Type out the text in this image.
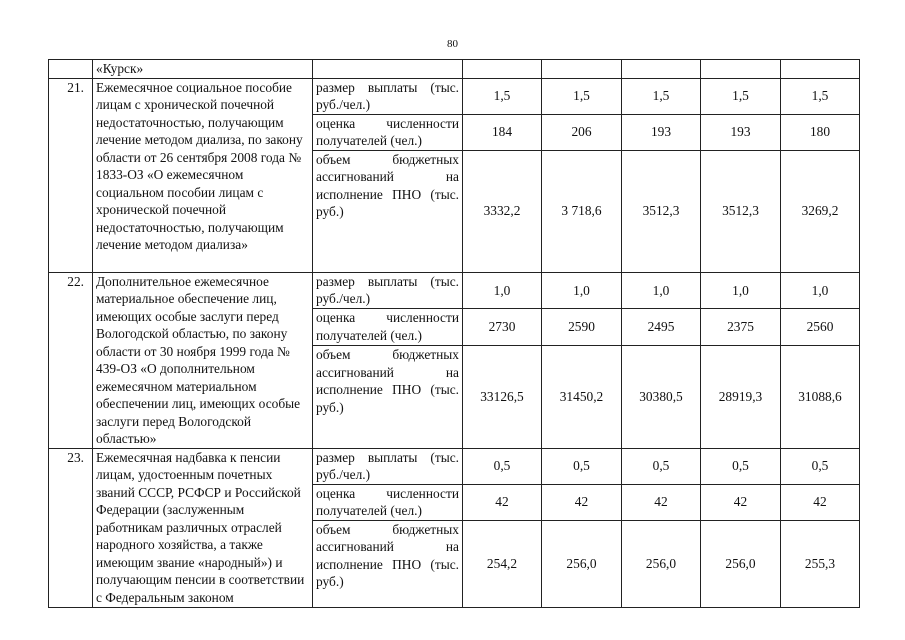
80
	«Курск»						
21.	Ежемесячное социальное пособие лицам с хронической почечной недостаточностью, получающим лечение методом диализа, по закону области от 26 сентября 2008 года № 1833-ОЗ «О ежемесячном социальном пособии лицам с хронической почечной недостаточностью, получающим лечение методом диализа»	размер выплаты (тыс. руб./чел.)	1,5	1,5	1,5	1,5	1,5
		оценка численности получателей (чел.)	184	206	193	193	180
		объем бюджетных ассигнований на исполнение ПНО (тыс. руб.)	3332,2	3 718,6	3512,3	3512,3	3269,2
22.	Дополнительное ежемесячное материальное обеспечение лиц, имеющих особые заслуги перед Вологодской областью, по закону области от 30 ноября 1999 года № 439-ОЗ «О дополнительном ежемесячном материальном обеспечении лиц, имеющих особые заслуги перед Вологодской областью»	размер выплаты (тыс. руб./чел.)	1,0	1,0	1,0	1,0	1,0
		оценка численности получателей (чел.)	2730	2590	2495	2375	2560
		объем бюджетных ассигнований на исполнение ПНО (тыс. руб.)	33126,5	31450,2	30380,5	28919,3	31088,6
23.	Ежемесячная надбавка к пенсии лицам, удостоенным почетных званий СССР, РСФСР и Российской Федерации (заслуженным работникам различных отраслей народного хозяйства, а также имеющим звание «народный») и получающим пенсии в соответствии с Федеральным законом	размер выплаты (тыс. руб./чел.)	0,5	0,5	0,5	0,5	0,5
		оценка численности получателей (чел.)	42	42	42	42	42
		объем бюджетных ассигнований на исполнение ПНО (тыс. руб.)	254,2	256,0	256,0	256,0	255,3
